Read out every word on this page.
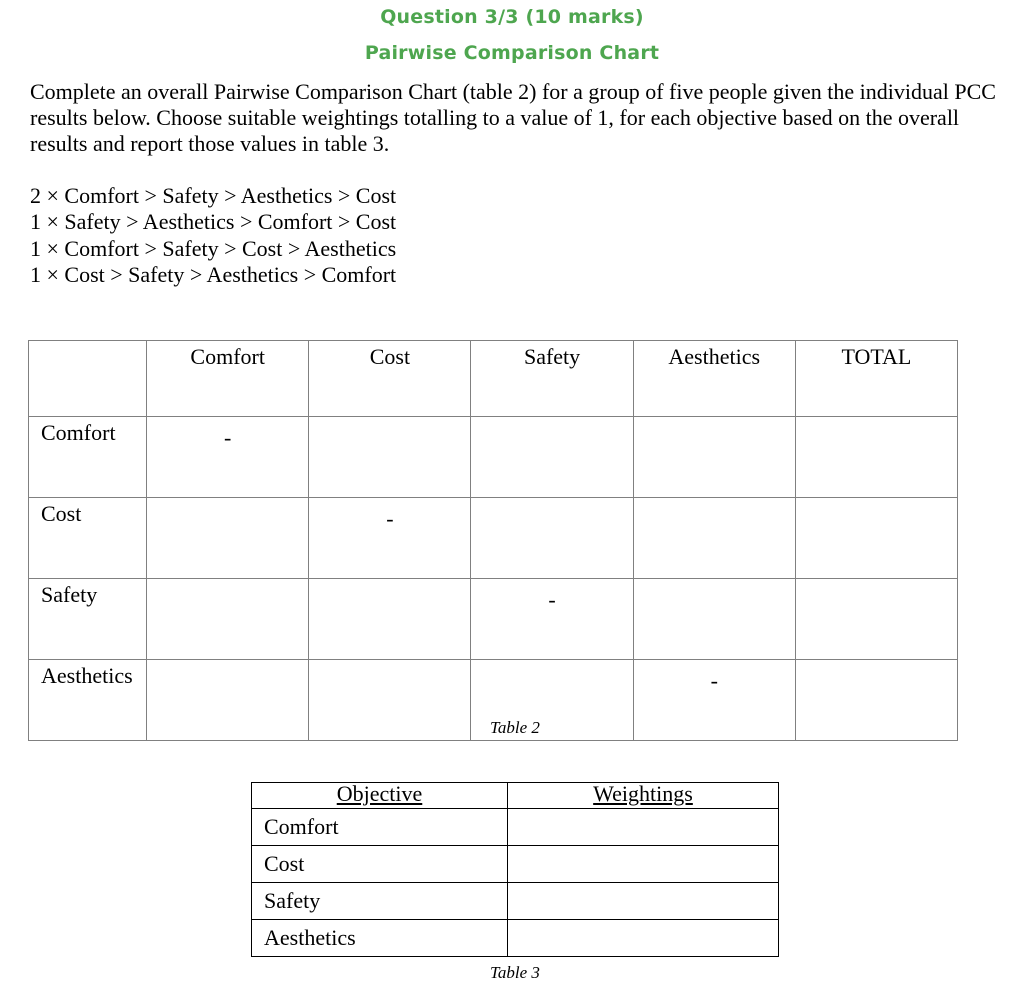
Question 3/3 (10 marks)
Pairwise Comparison Chart
Complete an overall Pairwise Comparison Chart (table 2) for a group of five people given the individual PCC results below. Choose suitable weightings totalling to a value of 1, for each objective based on the overall results and report those values in table 3.
2 × Comfort > Safety > Aesthetics > Cost
1 × Safety > Aesthetics > Comfort > Cost
1 × Comfort > Safety > Cost > Aesthetics
1 × Cost > Safety > Aesthetics > Comfort
	Comfort	Cost	Safety	Aesthetics	TOTAL
Comfort	-				
Cost		-			
Safety			-		
Aesthetics				-	
Table 2
Objective	Weightings
Comfort	
Cost	
Safety	
Aesthetics	
Table 3
